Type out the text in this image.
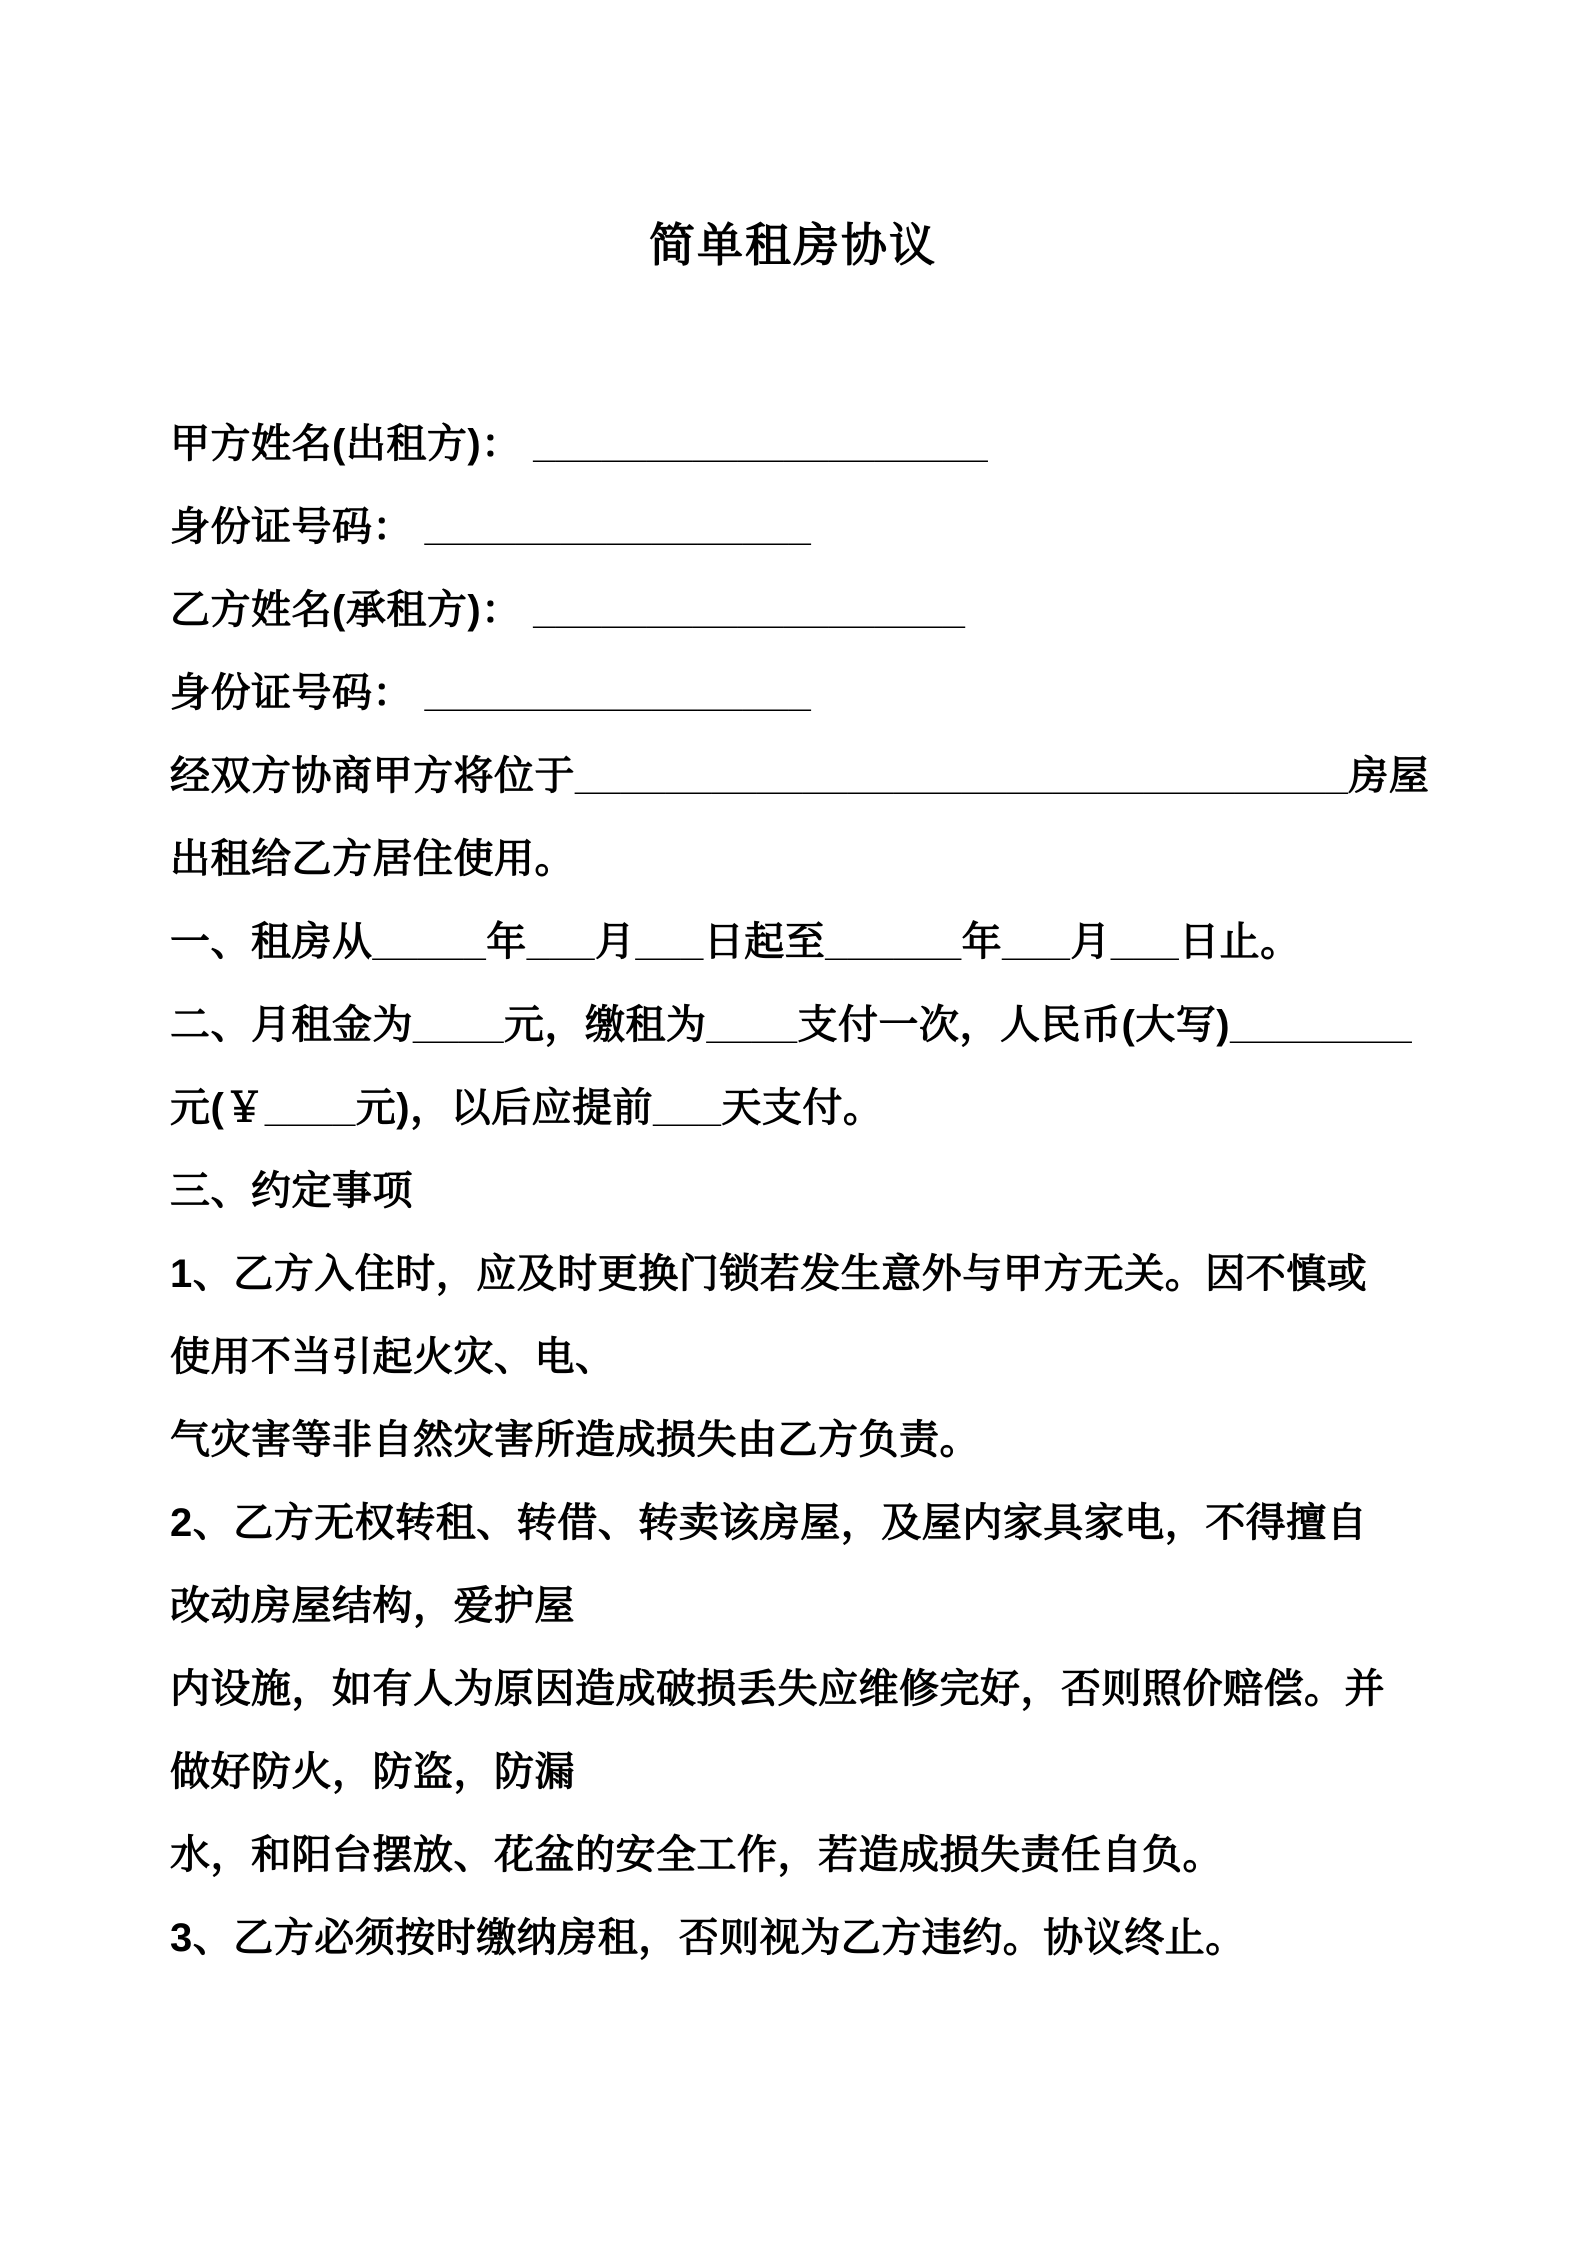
简单租房协议

甲方姓名(出租方)： ____________________

身份证号码： _________________

乙方姓名(承租方)： ___________________

身份证号码： _________________

经双方协商甲方将位于__________________________________房屋

出租给乙方居住使用。

一、租房从_____年___月___日起至______年___月___日止。

二、月租金为____元，缴租为____支付一次，人民币(大写)________

元(￥____元)，以后应提前___天支付。

三、约定事项

1、乙方入住时，应及时更换门锁若发生意外与甲方无关。因不慎或

使用不当引起火灾、电、

气灾害等非自然灾害所造成损失由乙方负责。

2、乙方无权转租、转借、转卖该房屋，及屋内家具家电，不得擅自

改动房屋结构，爱护屋

内设施，如有人为原因造成破损丢失应维修完好，否则照价赔偿。并

做好防火，防盗，防漏

水，和阳台摆放、花盆的安全工作，若造成损失责任自负。

3、乙方必须按时缴纳房租，否则视为乙方违约。协议终止。
